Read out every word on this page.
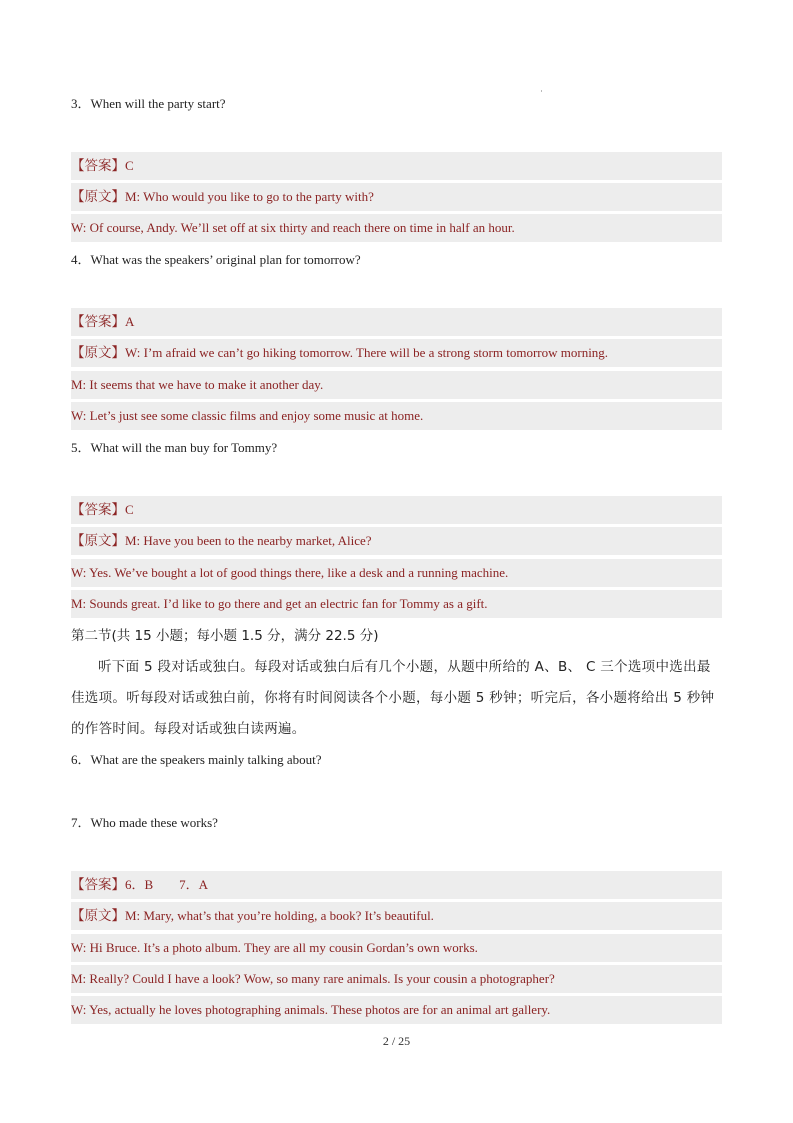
3．When will the party start?
【答案】C
【原文】M: Who would you like to go to the party with?
W: Of course, Andy. We’ll set off at six thirty and reach there on time in half an hour.
4．What was the speakers’ original plan for tomorrow?
【答案】A
【原文】W: I’m afraid we can’t go hiking tomorrow. There will be a strong storm tomorrow morning.
M: It seems that we have to make it another day.
W: Let’s just see some classic films and enjoy some music at home.
5．What will the man buy for Tommy?
【答案】C
【原文】M: Have you been to the nearby market, Alice?
W: Yes. We’ve bought a lot of good things there, like a desk and a running machine.
M: Sounds great. I’d like to go there and get an electric fan for Tommy as a gift.
第二节(共 15 小题；每小题 1.5 分，满分 22.5 分)
听下面 5 段对话或独白。每段对话或独白后有几个小题，从题中所给的 A、B、 C 三个选项中选出最佳选项。听每段对话或独白前，你将有时间阅读各个小题，每小题 5 秒钟；听完后，各小题将给出 5 秒钟的作答时间。每段对话或独白读两遍。
6．What are the speakers mainly talking about?
7．Who made these works?
【答案】6．B　　7．A
【原文】M: Mary, what’s that you’re holding, a book? It’s beautiful.
W: Hi Bruce. It’s a photo album. They are all my cousin Gordan’s own works.
M: Really? Could I have a look? Wow, so many rare animals. Is your cousin a photographer?
W: Yes, actually he loves photographing animals. These photos are for an animal art gallery.
2 / 25
